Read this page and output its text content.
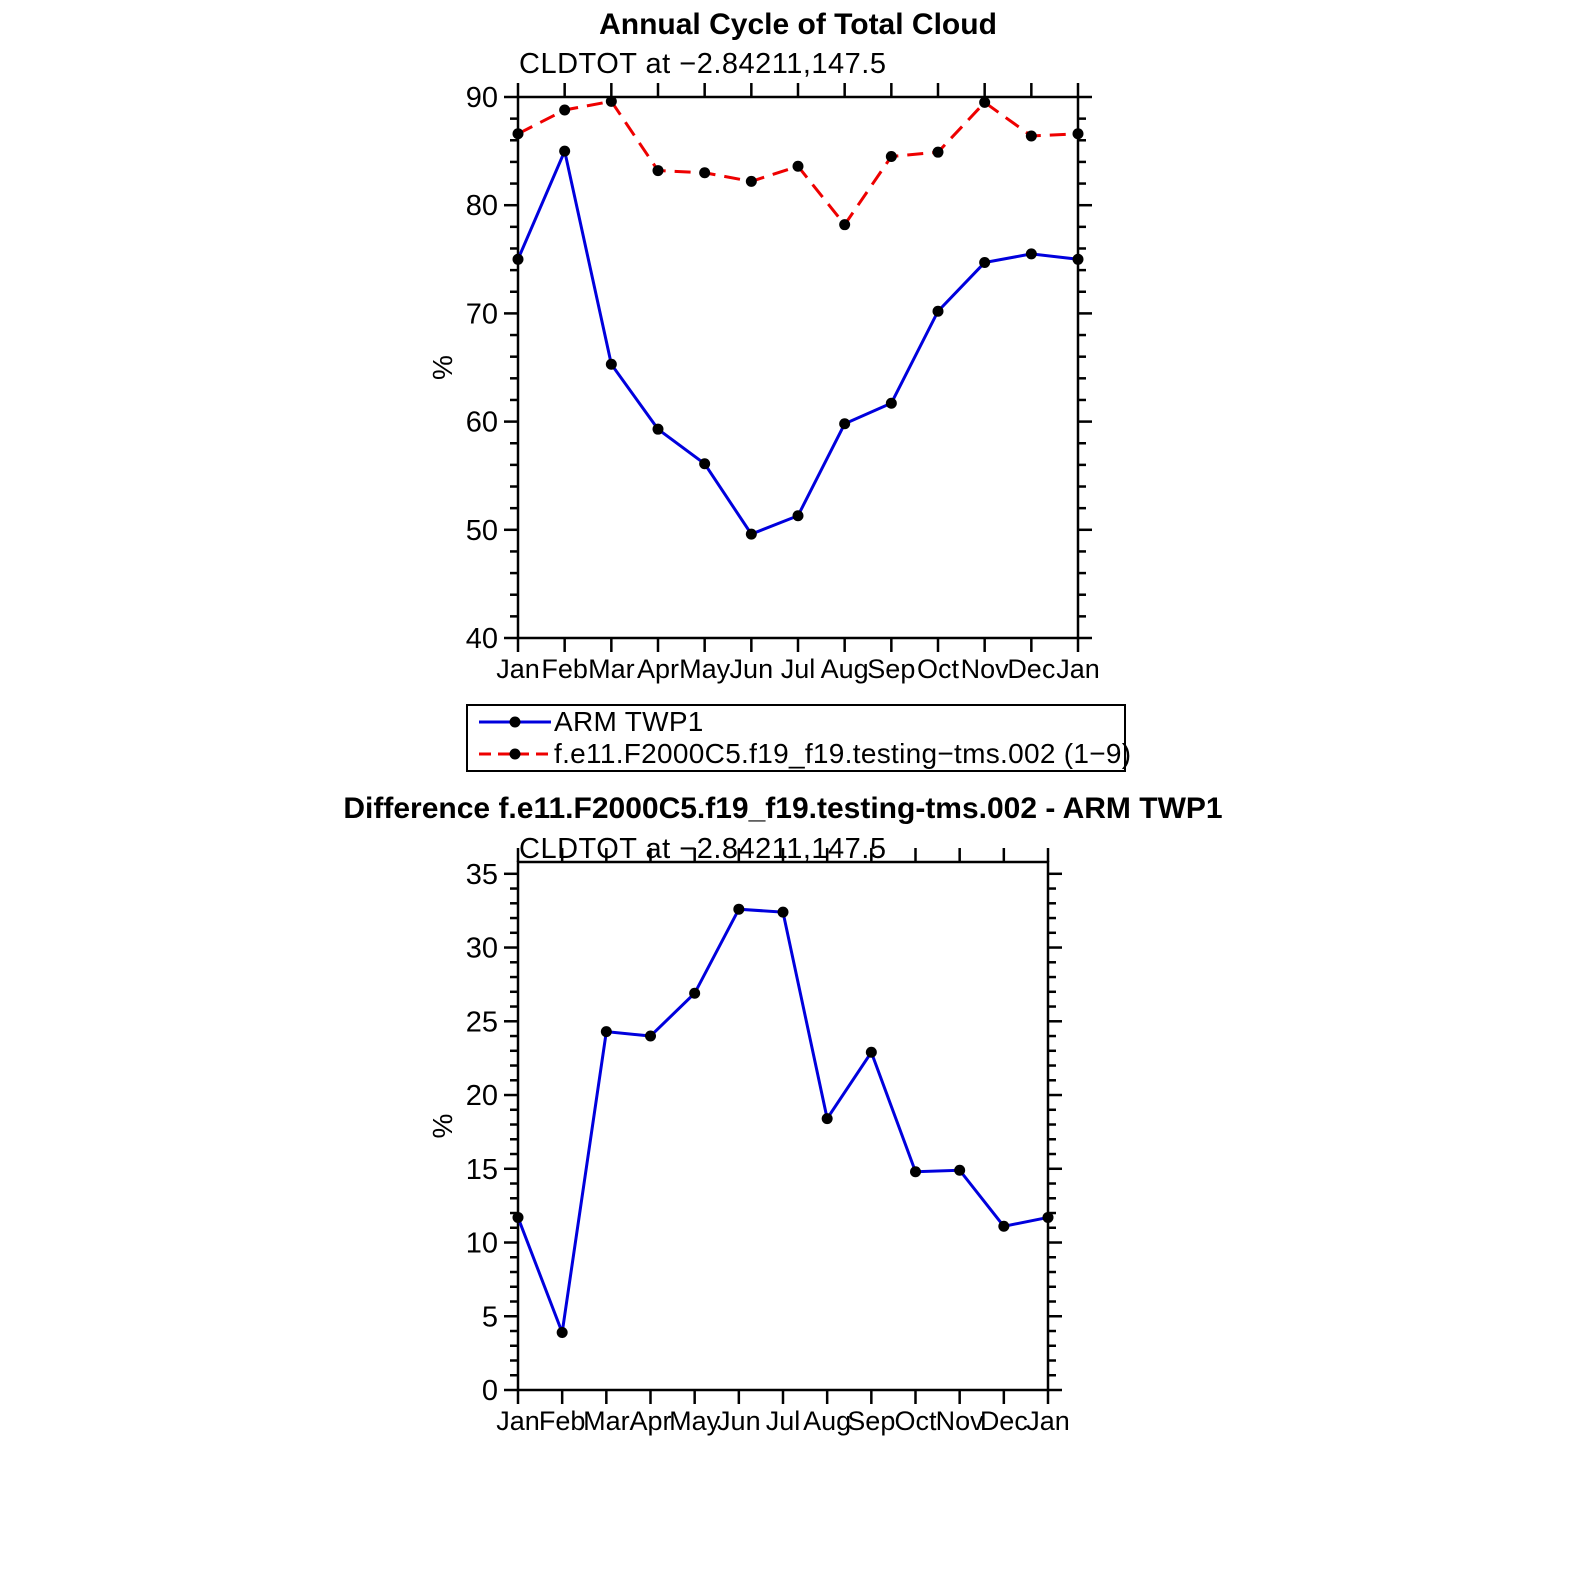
40
50
60
70
80
90
Jan Feb Mar Apr May Jun Jul Aug
Sep Oct Nov
Dec Jan
%
0
5
10
15
20
25
30
35
Jan Feb
Mar Apr
May
Jun Jul Aug
Sep Oct Nov
Dec
Jan
%
Annual Cycle of Total Cloud
CLDTOT at −2.84211,147.5
ARM TWP1
f.e11.F2000C5.f19_f19.testing−tms.002 (1−9)
Difference f.e11.F2000C5.f19_f19.testing-tms.002 - ARM TWP1
CLDTOT at −2.84211,147.5
